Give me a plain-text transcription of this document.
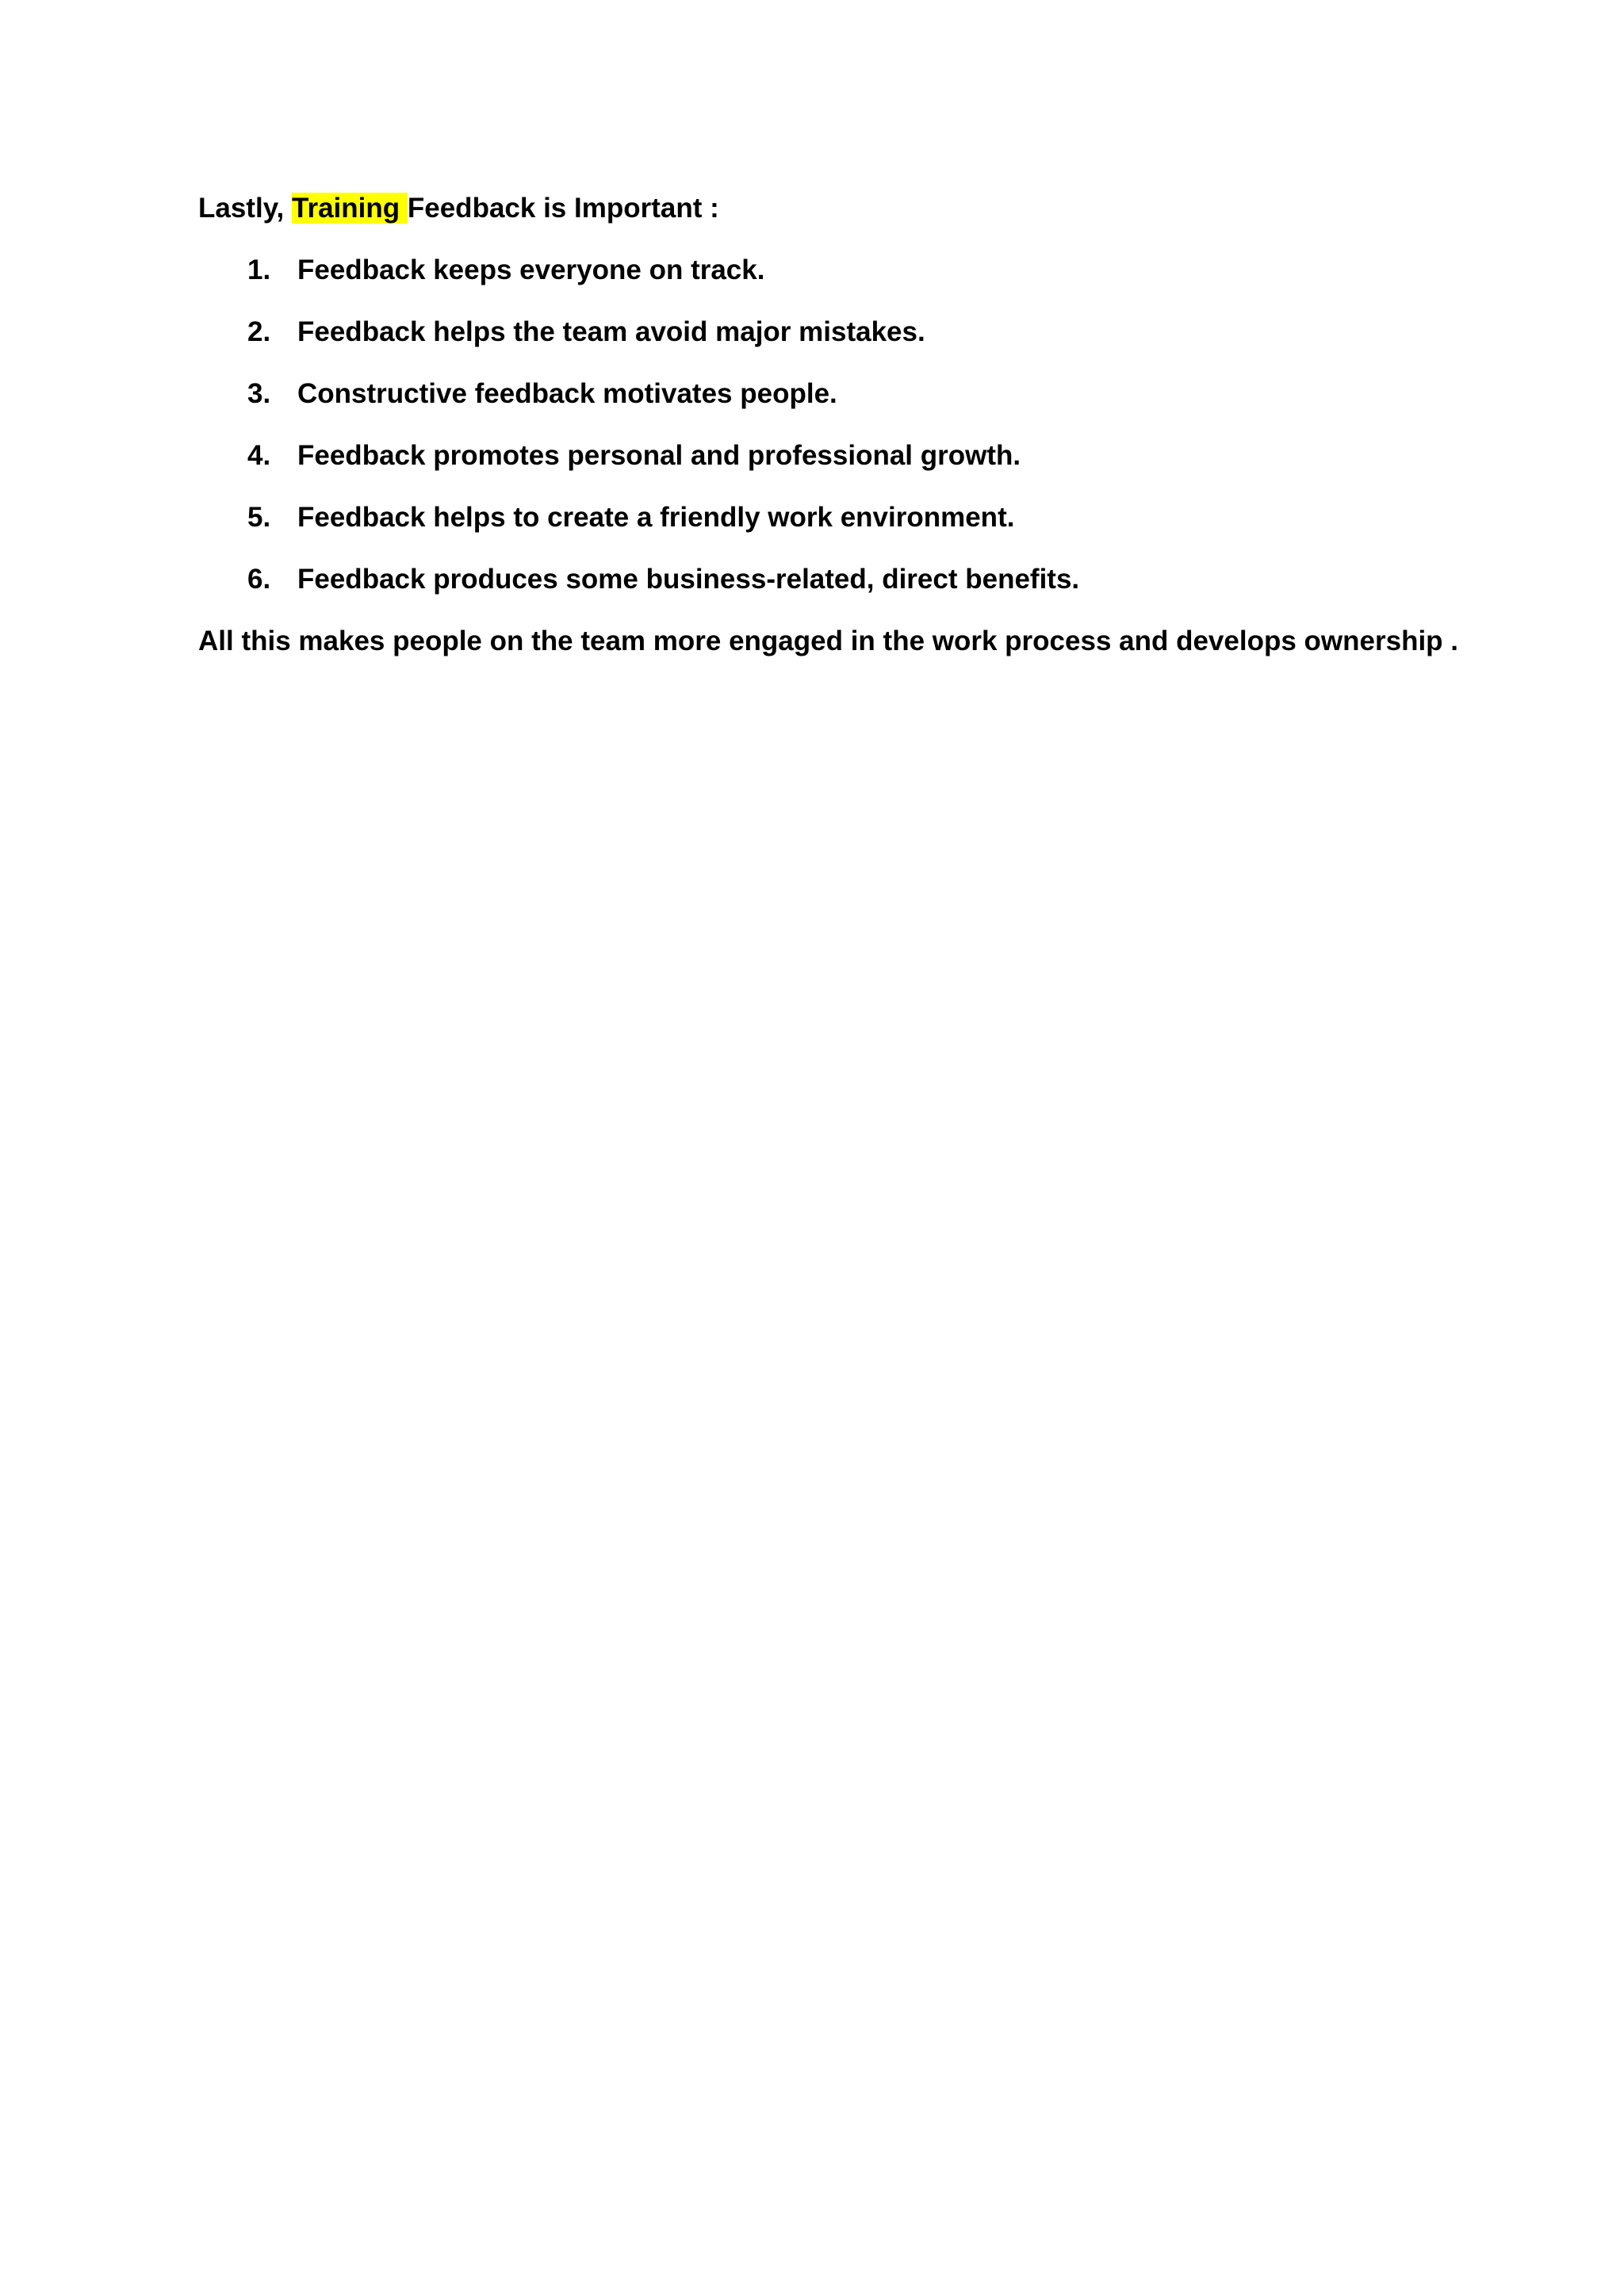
Lastly, Training Feedback is Important :

1. Feedback keeps everyone on track.
2. Feedback helps the team avoid major mistakes.
3. Constructive feedback motivates people.
4. Feedback promotes personal and professional growth.
5. Feedback helps to create a friendly work environment.
6. Feedback produces some business-related, direct benefits.

All this makes people on the team more engaged in the work process and develops ownership .
